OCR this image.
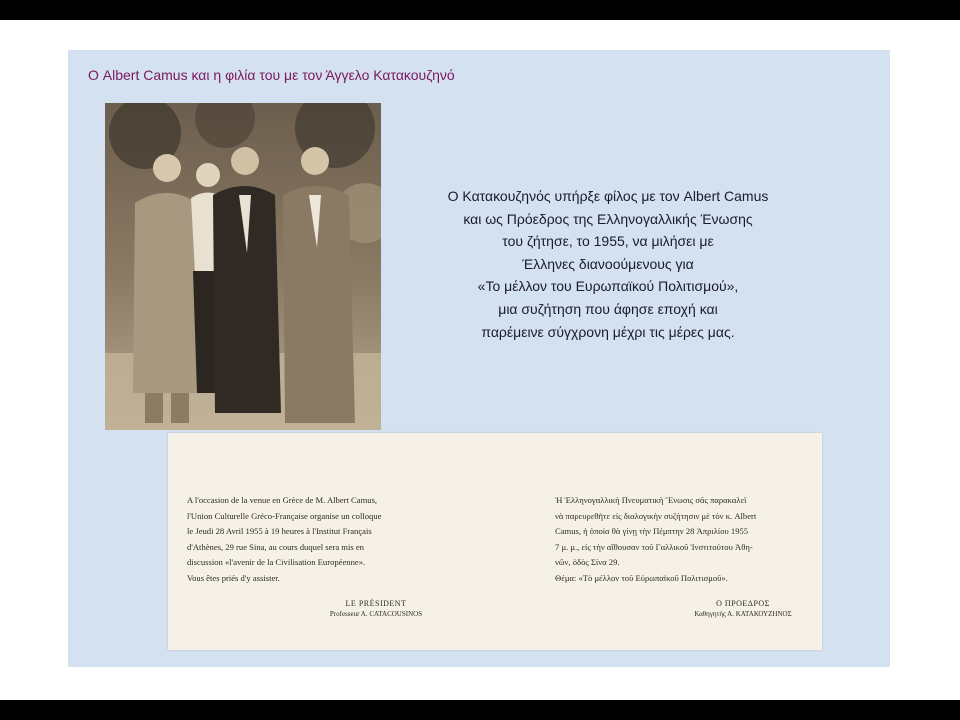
Ο Albert Camus και η φιλία του με τον Άγγελο Κατακουζηνό
Ο Κατακουζηνός υπήρξε φίλος με τον Albert Camus
και ως Πρόεδρος της Ελληνογαλλικής Ένωσης
του ζήτησε, το 1955, να μιλήσει με
Έλληνες διανοούμενους για
«Το μέλλον του Ευρωπαϊκού Πολιτισμού»,
μια συζήτηση που άφησε εποχή και
παρέμεινε σύγχρονη μέχρι τις μέρες μας.
A l'occasion de la venue en Grèce de M. Albert Camus,
l'Union Culturelle Gréco-Française organise un colloque
le Jeudi 28 Avril 1955 à 19 heures à l'Institut Français
d'Athènes, 29 rue Sina, au cours duquel sera mis en
discussion «l'avenir de la Civilisation Européenne».
Vous êtes priés d'y assister.
LE PRÉSIDENT
Professeur A. CATACOUSINOS
Ἡ Ἑλληνογαλλικὴ Πνευματικὴ Ἕνωσις σᾶς παρακαλεῖ
νὰ παρευρεθῆτε εἰς διαλογικὴν συζήτησιν μὲ τὸν κ. Albert
Camus, ἡ ὁποία θὰ γίνῃ τὴν Πέμπτην 28 Ἀπριλίου 1955
7 μ. μ., εἰς τὴν αἴθουσαν τοῦ Γαλλικοῦ Ἰνστιτούτου Ἀθη-
νῶν, ὁδὸς Σίνα 29.
Θέμα: «Τὸ μέλλον τοῦ Εὐρωπαϊκοῦ Πολιτισμοῦ».
Ο ΠΡΟΕΔΡΟΣ
Καθηγητὴς Α. ΚΑΤΑΚΟΥΖΗΝΟΣ
